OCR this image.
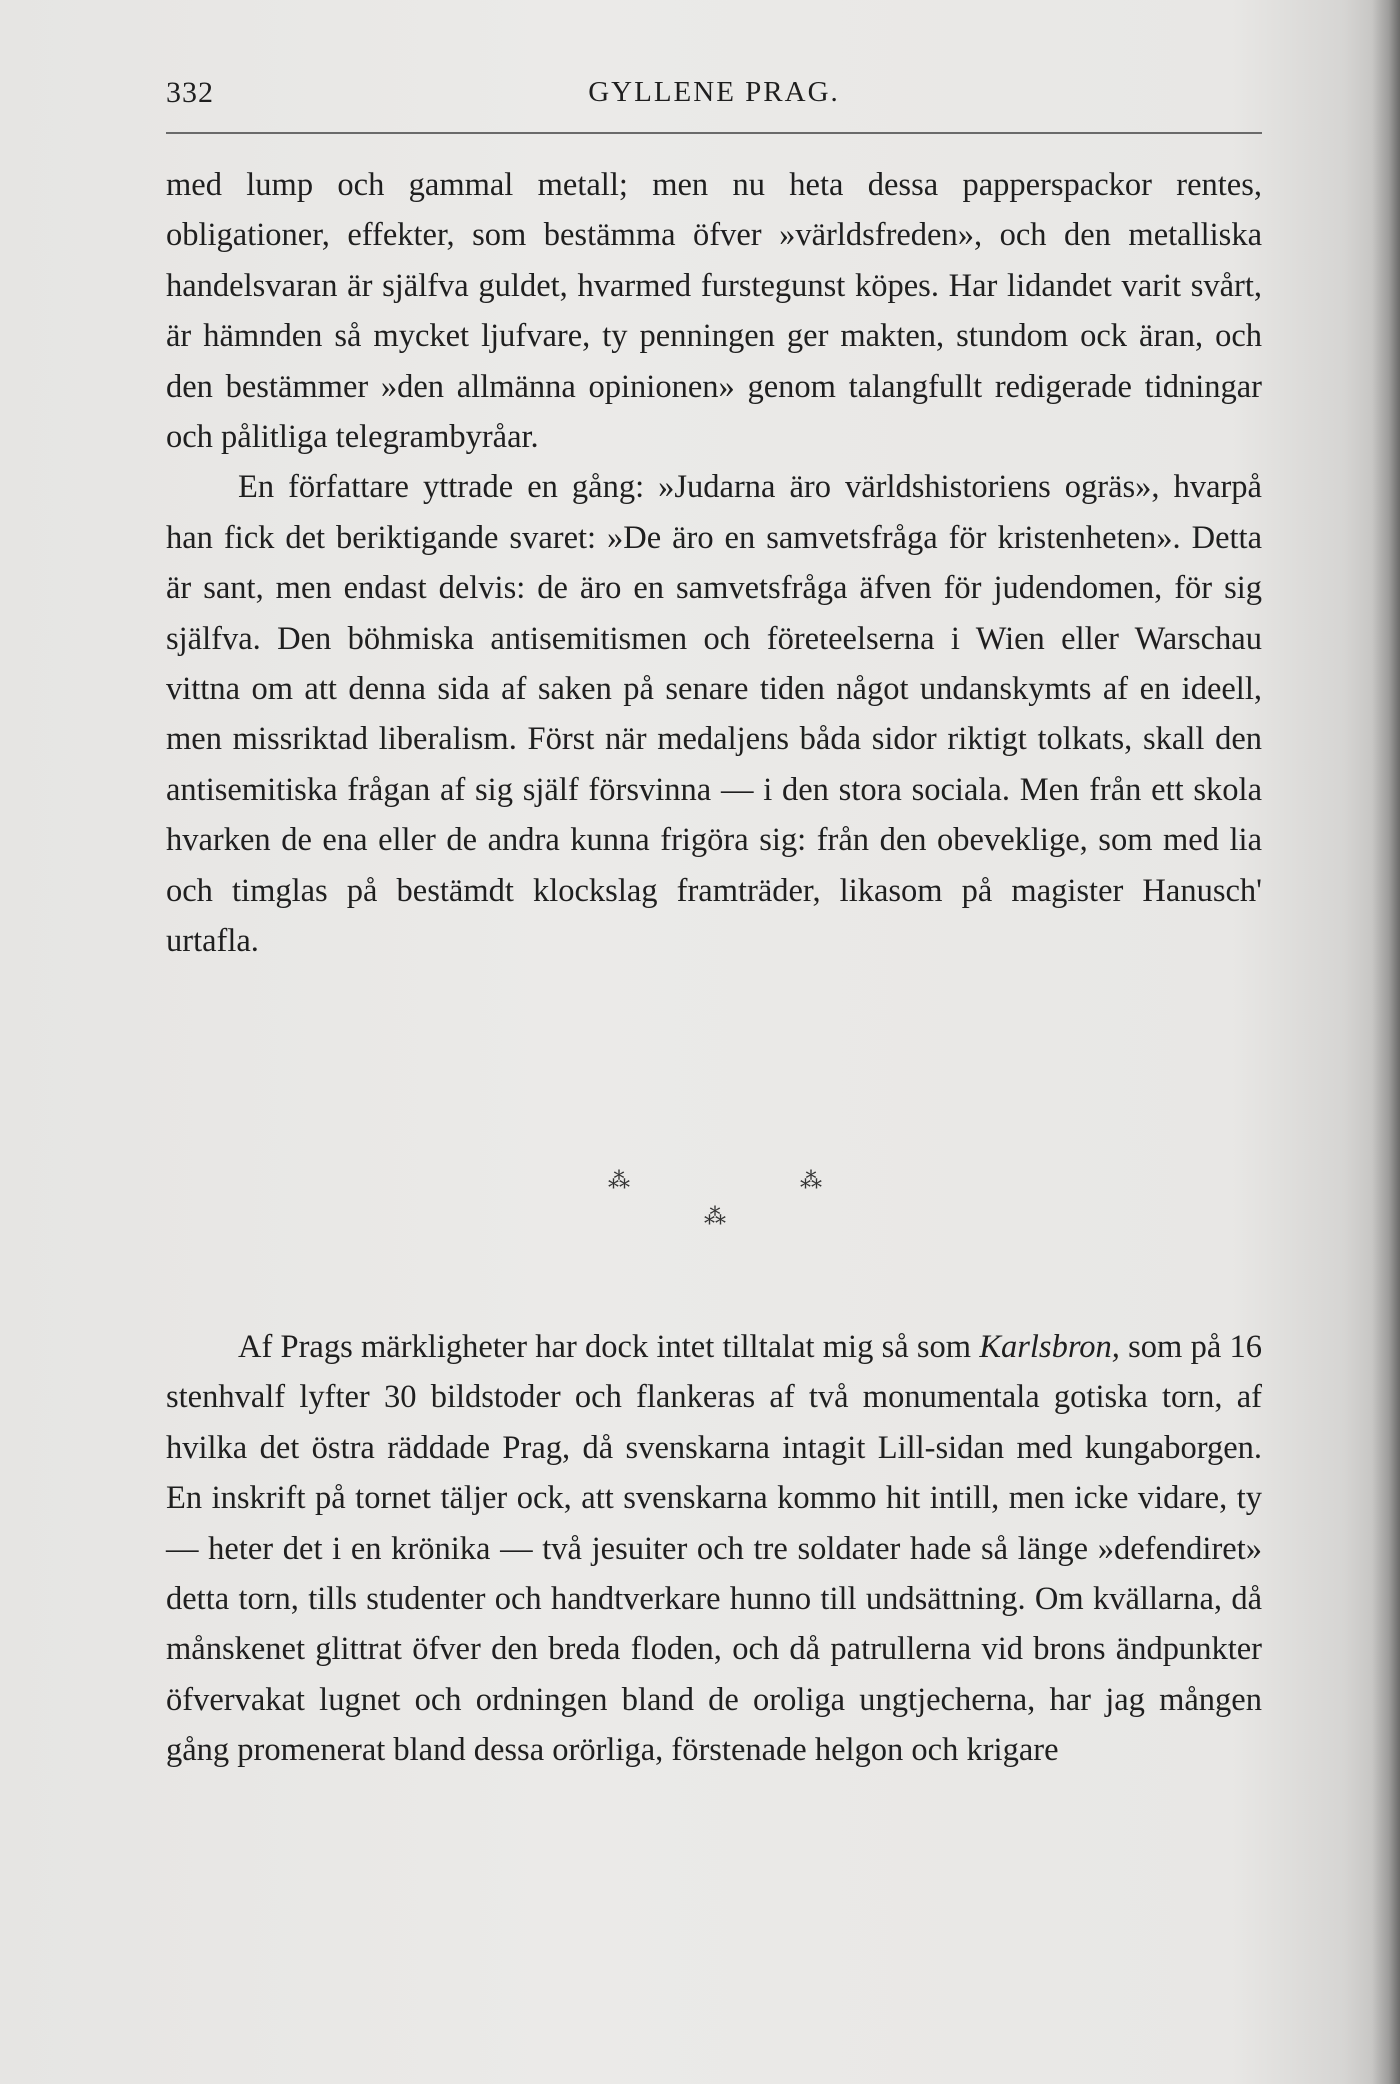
332	GYLLENE PRAG.

med lump och gammal metall; men nu heta dessa papperspackor rentes, obligationer, effekter, som bestämma öfver »världsfreden», och den metalliska handelsvaran är själfva guldet, hvarmed furstegunst köpes. Har lidandet varit svårt, är hämnden så mycket ljufvare, ty penningen ger makten, stundom ock äran, och den bestämmer »den allmänna opinionen» genom talangfullt redigerade tidningar och pålitliga telegrambyråar.

En författare yttrade en gång: »Judarna äro världshistoriens ogräs», hvarpå han fick det beriktigande svaret: »De äro en samvetsfråga för kristenheten». Detta är sant, men endast delvis: de äro en samvetsfråga äfven för judendomen, för sig själfva. Den böhmiska antisemitismen och företeelserna i Wien eller Warschau vittna om att denna sida af saken på senare tiden något undanskymts af en ideell, men missriktad liberalism. Först när medaljens båda sidor riktigt tolkats, skall den antisemitiska frågan af sig själf försvinna — i den stora sociala. Men från ett skola hvarken de ena eller de andra kunna frigöra sig: från den obeveklige, som med lia och timglas på bestämdt klockslag framträder, likasom på magister Hanusch' urtafla.

⁂	⁂
⁂

Af Prags märkligheter har dock intet tilltalat mig så som Karlsbron, som på 16 stenhvalf lyfter 30 bildstoder och flankeras af två monumentala gotiska torn, af hvilka det östra räddade Prag, då svenskarna intagit Lill-sidan med kungaborgen. En inskrift på tornet täljer ock, att svenskarna kommo hit intill, men icke vidare, ty — heter det i en krönika — två jesuiter och tre soldater hade så länge »defendiret» detta torn, tills studenter och handtverkare hunno till undsättning. Om kvällarna, då månskenet glittrat öfver den breda floden, och då patrullerna vid brons ändpunkter öfvervakat lugnet och ordningen bland de oroliga ungtjecherna, har jag mången gång promenerat bland dessa orörliga, förstenade helgon och krigare
